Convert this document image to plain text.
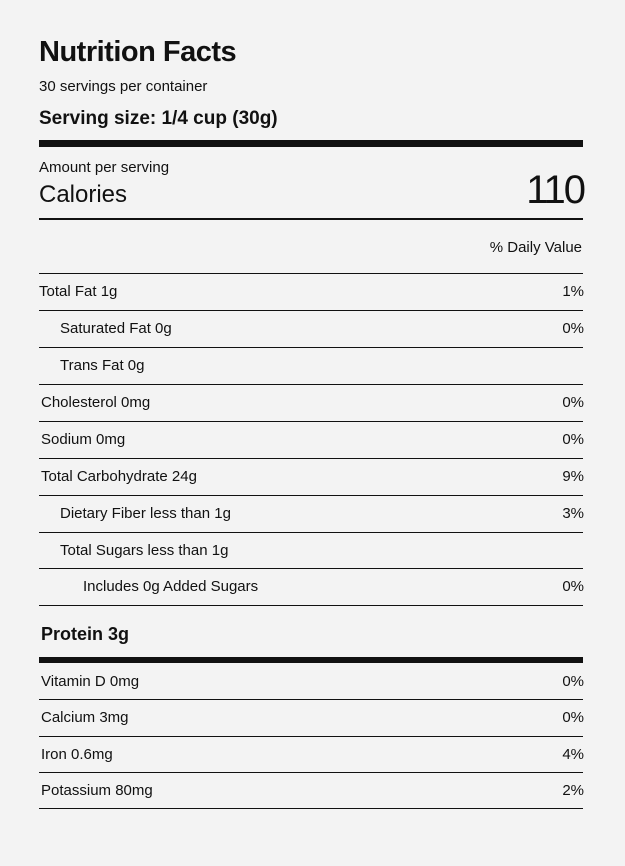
Nutrition Facts
30 servings per container
Serving size: 1/4 cup (30g)
Amount per serving
Calories	110
% Daily Value
Total Fat 1g	1%
Saturated Fat 0g	0%
Trans Fat 0g
Cholesterol 0mg	0%
Sodium 0mg	0%
Total Carbohydrate 24g	9%
Dietary Fiber less than 1g	3%
Total Sugars less than 1g
Includes 0g Added Sugars	0%
Protein 3g
Vitamin D 0mg	0%
Calcium 3mg	0%
Iron 0.6mg	4%
Potassium 80mg	2%
